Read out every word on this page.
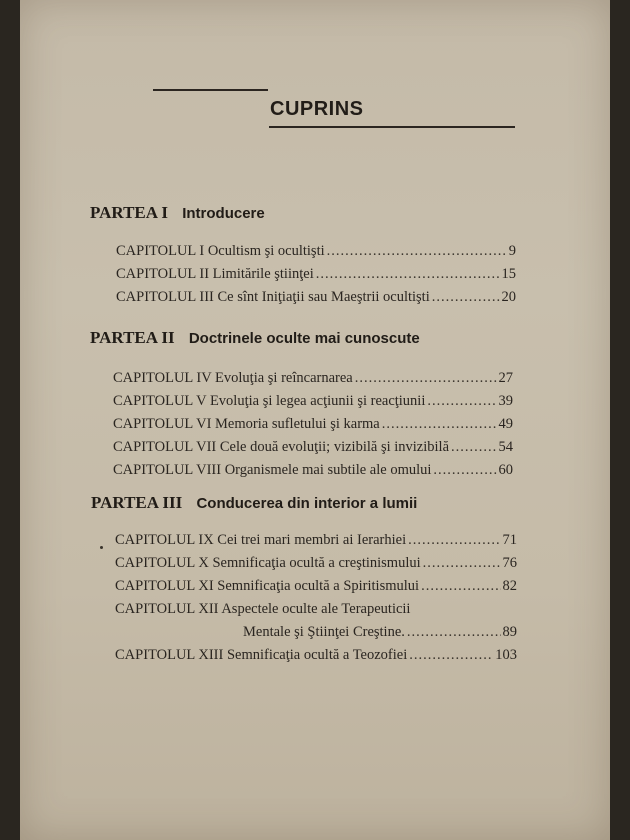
CUPRINS
PARTEA I Introducere
CAPITOLUL I Ocultism şi ocultişti .....	9
CAPITOLUL II Limitările ştiinţei .....	15
CAPITOLUL III Ce sînt Iniţiaţii sau Maeştrii ocultişti .....	20
PARTEA II Doctrinele oculte mai cunoscute
CAPITOLUL IV Evoluţia şi reîncarnarea .....	27
CAPITOLUL V Evoluţia şi legea acţiunii şi reacţiunii .....	39
CAPITOLUL VI Memoria sufletului şi karma .....	49
CAPITOLUL VII Cele două evoluţii; vizibilă şi invizibilă .....	54
CAPITOLUL VIII Organismele mai subtile ale omului .....	60
PARTEA III Conducerea din interior a lumii
CAPITOLUL IX Cei trei mari membri ai Ierarhiei .....	71
CAPITOLUL X Semnificaţia ocultă a creştinismului .....	76
CAPITOLUL XI Semnificaţia ocultă a Spiritismului .....	82
CAPITOLUL XII Aspectele oculte ale Terapeuticii
Mentale şi Ştiinţei Creştine. .....	89
CAPITOLUL XIII Semnificaţia ocultă a Teozofiei .....	103
